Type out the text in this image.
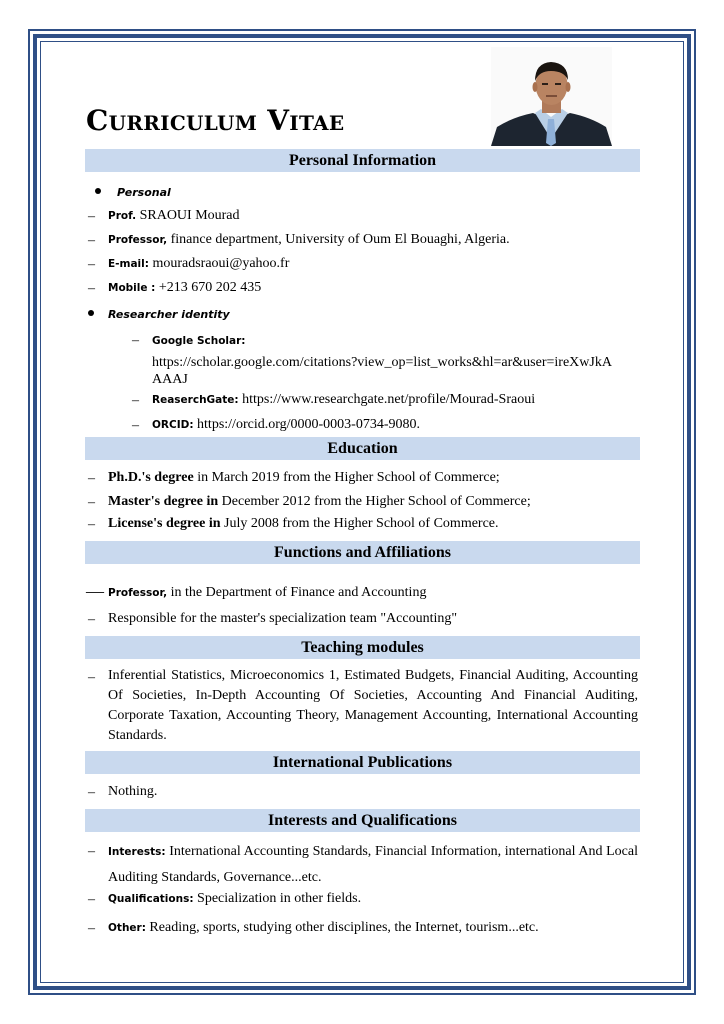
Curriculum Vitae
Personal Information
Personal
– Prof. SRAOUI Mourad
– Professor, finance department, University of Oum El Bouaghi, Algeria.
– E-mail: mouradsraoui@yahoo.fr
– Mobile : +213 670 202 435
Researcher identity
– Google Scholar:
https://scholar.google.com/citations?view_op=list_works&hl=ar&user=ireXwJkA
AAAJ
– ReaserchGate: https://www.researchgate.net/profile/Mourad-Sraoui
– ORCID: https://orcid.org/0000-0003-0734-9080.
Education
– Ph.D.'s degree in March 2019 from the Higher School of Commerce;
– Master's degree in December 2012 from the Higher School of Commerce;
– License's degree in July 2008 from the Higher School of Commerce.
Functions and Affiliations
— Professor, in the Department of Finance and Accounting
– Responsible for the master's specialization team "Accounting"
Teaching modules
– Inferential Statistics, Microeconomics 1, Estimated Budgets, Financial Auditing, Accounting Of Societies, In-Depth Accounting Of Societies, Accounting And Financial Auditing, Corporate Taxation, Accounting Theory, Management Accounting, International Accounting Standards.
International Publications
– Nothing.
Interests and Qualifications
– Interests: International Accounting Standards, Financial Information, international And Local Auditing Standards, Governance...etc.
– Qualifications: Specialization in other fields.
– Other: Reading, sports, studying other disciplines, the Internet, tourism...etc.
